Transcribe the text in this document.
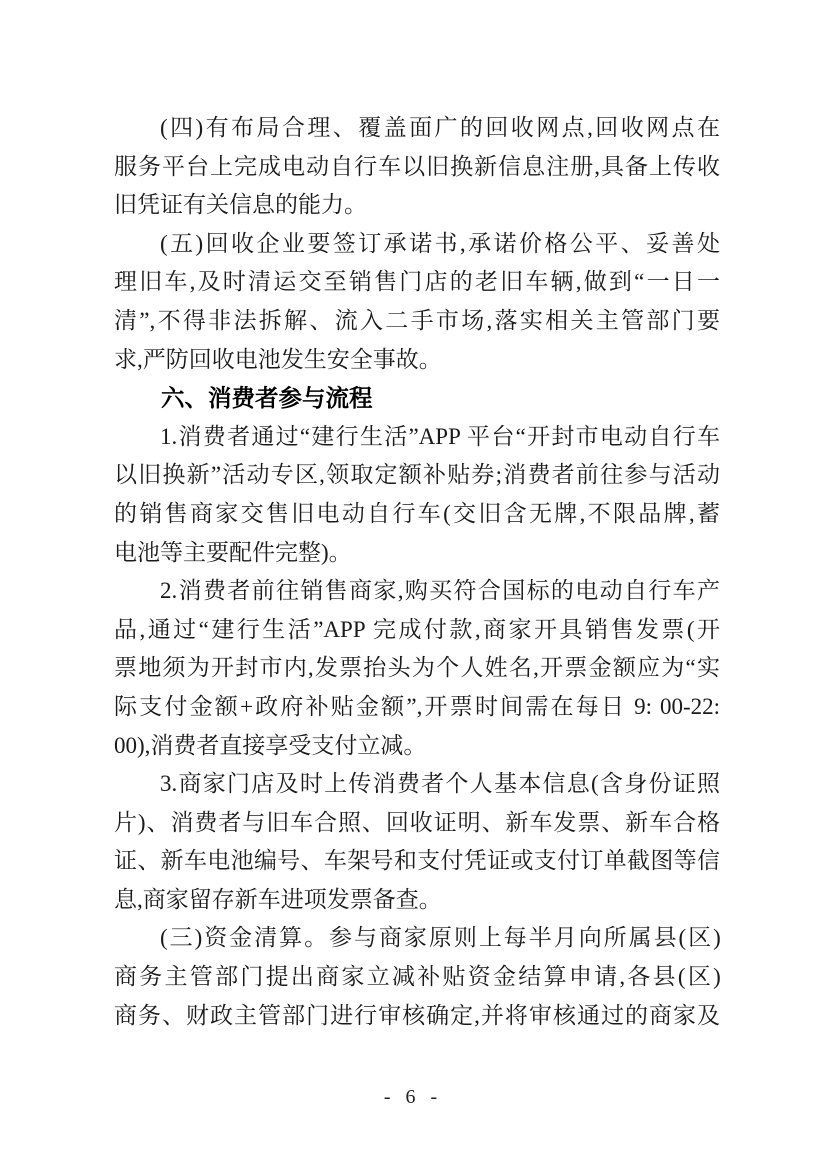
(四)有布局合理、覆盖面广的回收网点,回收网点在
服务平台上完成电动自行车以旧换新信息注册,具备上传收
旧凭证有关信息的能力。
(五)回收企业要签订承诺书,承诺价格公平、妥善处
理旧车,及时清运交至销售门店的老旧车辆,做到“一日一
清”,不得非法拆解、流入二手市场,落实相关主管部门要
求,严防回收电池发生安全事故。
六、消费者参与流程
1.消费者通过“建行生活”APP 平台“开封市电动自行车
以旧换新”活动专区,领取定额补贴券;消费者前往参与活动
的销售商家交售旧电动自行车(交旧含无牌,不限品牌,蓄
电池等主要配件完整)。
2.消费者前往销售商家,购买符合国标的电动自行车产
品,通过“建行生活”APP 完成付款,商家开具销售发票(开
票地须为开封市内,发票抬头为个人姓名,开票金额应为“实
际支付金额+政府补贴金额”,开票时间需在每日 9: 00-22:
00),消费者直接享受支付立减。
3.商家门店及时上传消费者个人基本信息(含身份证照
片)、消费者与旧车合照、回收证明、新车发票、新车合格
证、新车电池编号、车架号和支付凭证或支付订单截图等信
息,商家留存新车进项发票备查。
(三)资金清算。参与商家原则上每半月向所属县(区)
商务主管部门提出商家立减补贴资金结算申请,各县(区)
商务、财政主管部门进行审核确定,并将审核通过的商家及
- 6 -
